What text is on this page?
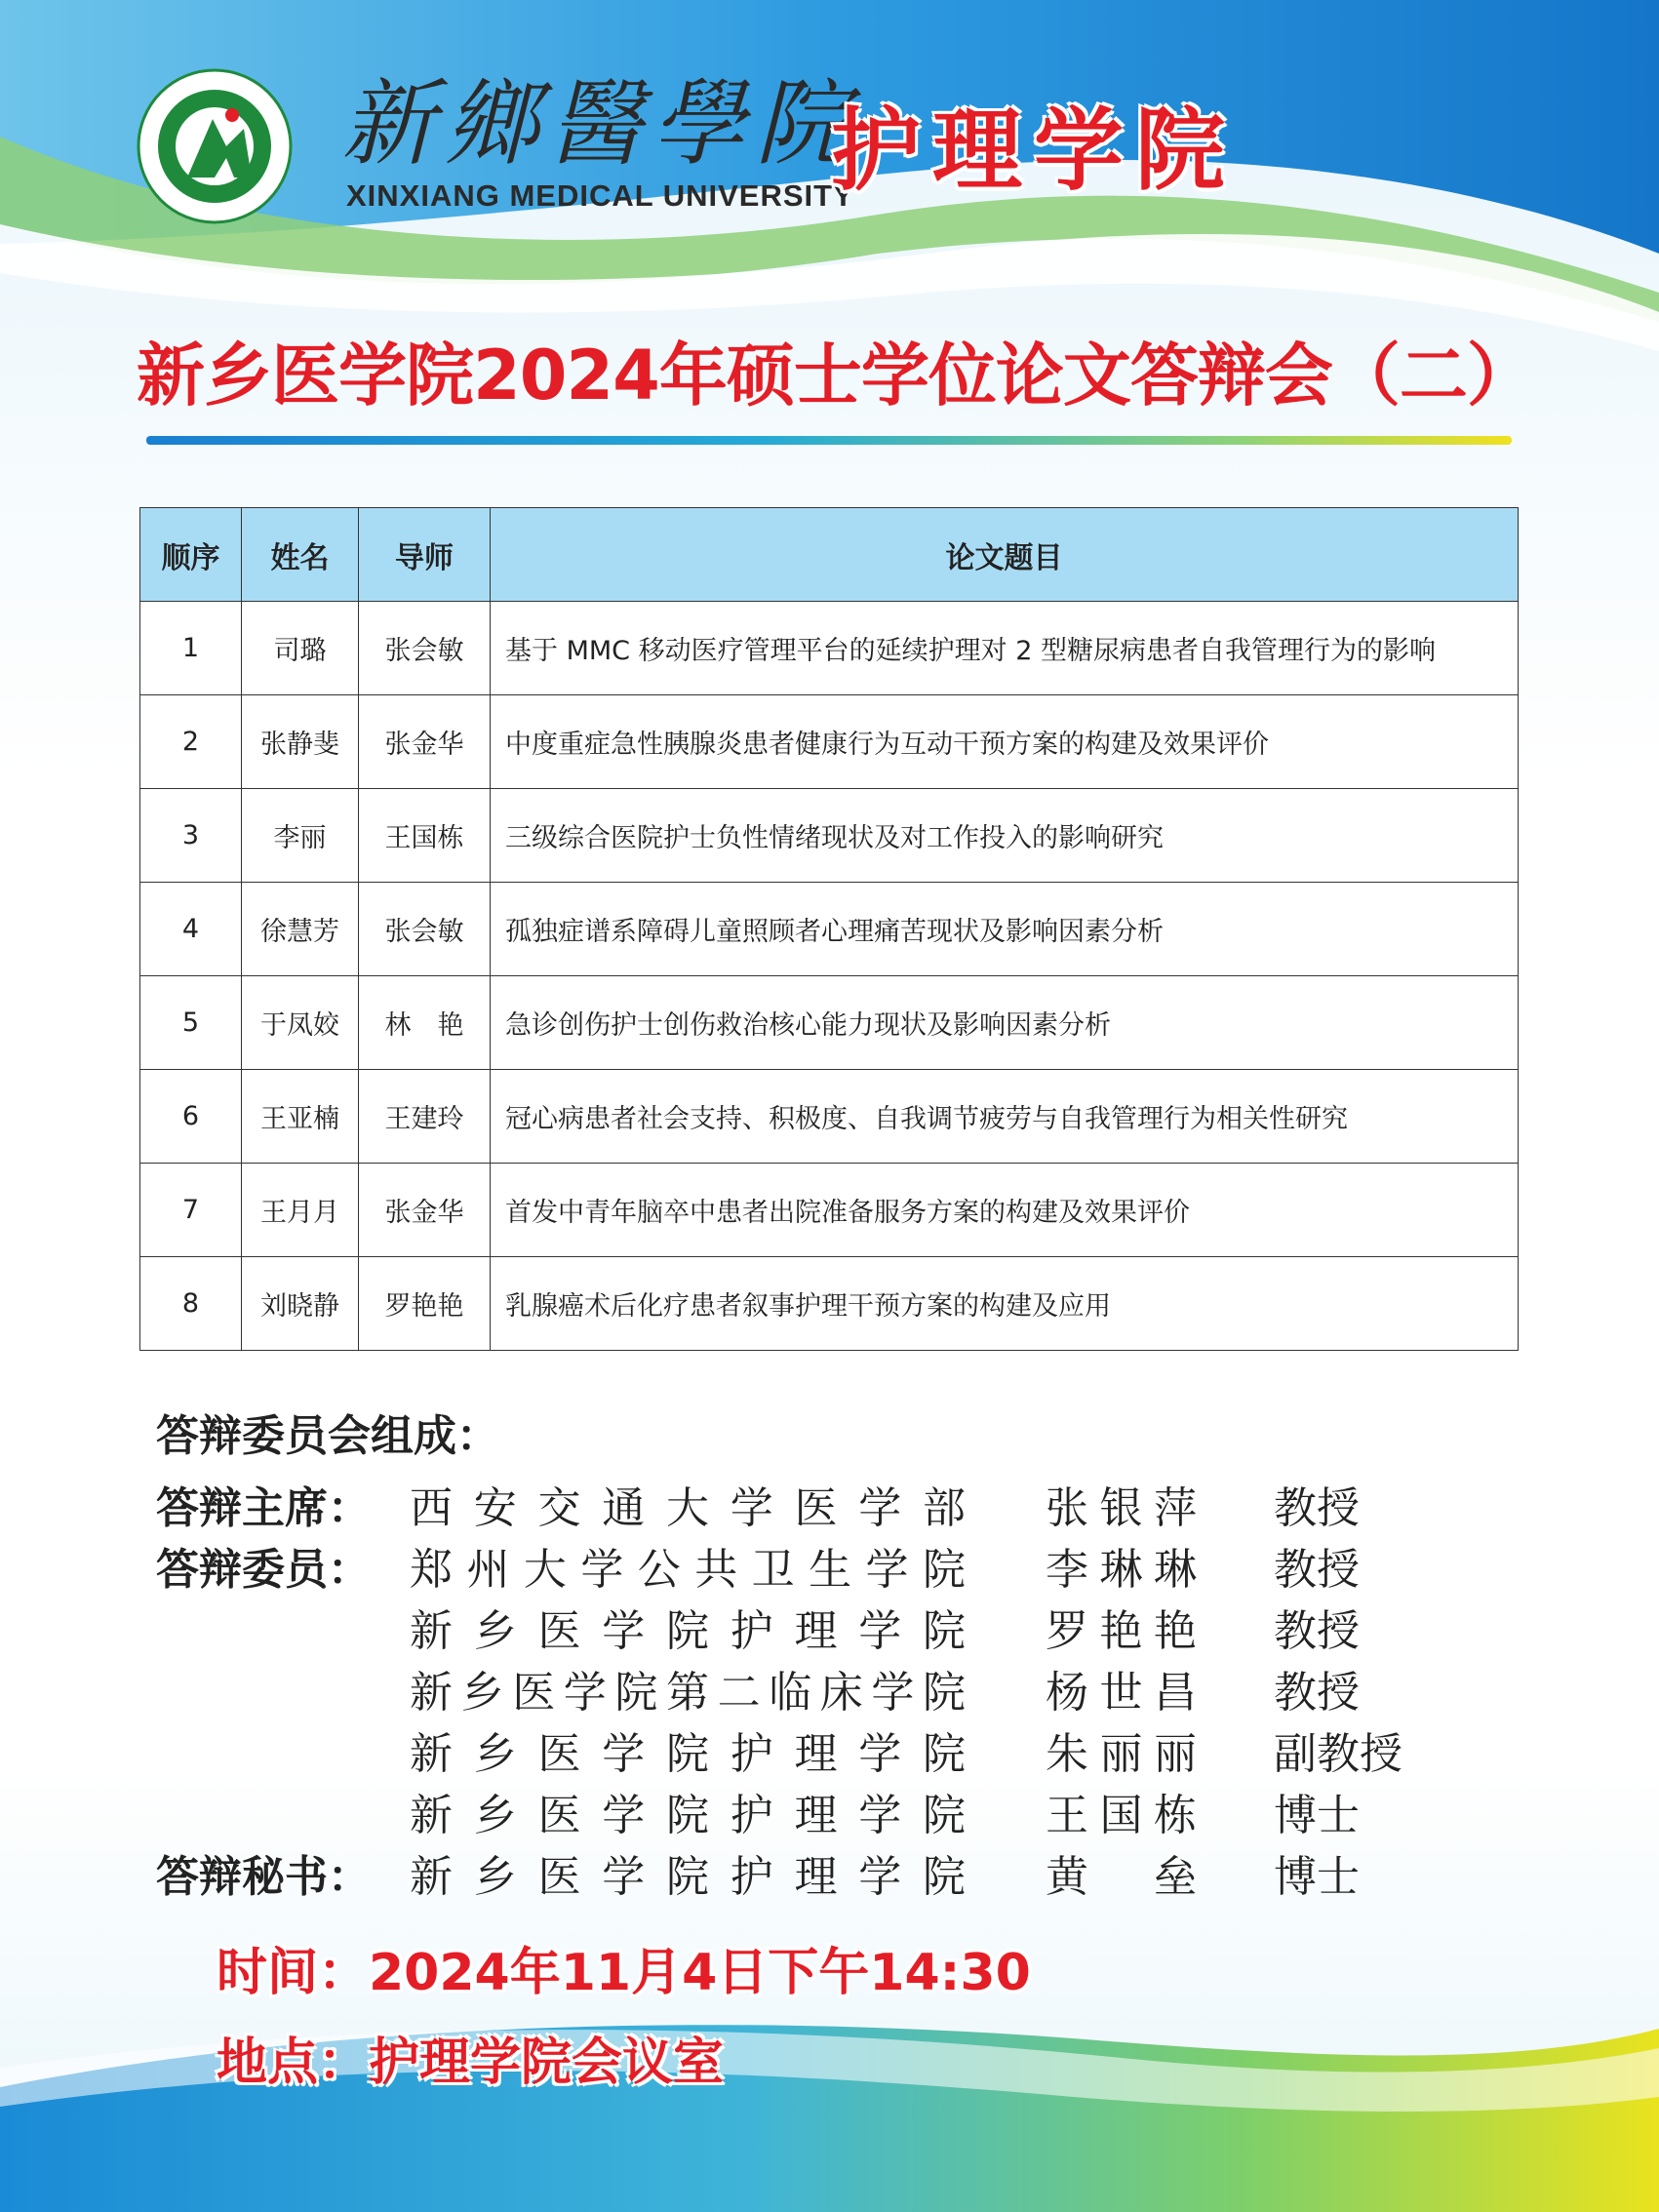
新鄉醫學院
XINXIANG MEDICAL UNIVERSITY
护理学院
新乡医学院2024年硕士学位论文答辩会（二）
顺序	姓名	导师	论文题目
1	司璐	张会敏	基于 MMC 移动医疗管理平台的延续护理对 2 型糖尿病患者自我管理行为的影响
2	张静斐	张金华	中度重症急性胰腺炎患者健康行为互动干预方案的构建及效果评价
3	李丽	王国栋	三级综合医院护士负性情绪现状及对工作投入的影响研究
4	徐慧芳	张会敏	孤独症谱系障碍儿童照顾者心理痛苦现状及影响因素分析
5	于凤姣	林　艳	急诊创伤护士创伤救治核心能力现状及影响因素分析
6	王亚楠	王建玲	冠心病患者社会支持、积极度、自我调节疲劳与自我管理行为相关性研究
7	王月月	张金华	首发中青年脑卒中患者出院准备服务方案的构建及效果评价
8	刘晓静	罗艳艳	乳腺癌术后化疗患者叙事护理干预方案的构建及应用
答辩委员会组成：
答辩主席： 西安交通大学医学部 张银萍 教授
答辩委员： 郑州大学公共卫生学院 李琳琳 教授
新乡医学院护理学院 罗艳艳 教授
新乡医学院第二临床学院 杨世昌 教授
新乡医学院护理学院 朱丽丽 副教授
新乡医学院护理学院 王国栋 博士
答辩秘书： 新乡医学院护理学院 黄　垒 博士
时间：2024年11月4日下午14:30
地点：护理学院会议室
